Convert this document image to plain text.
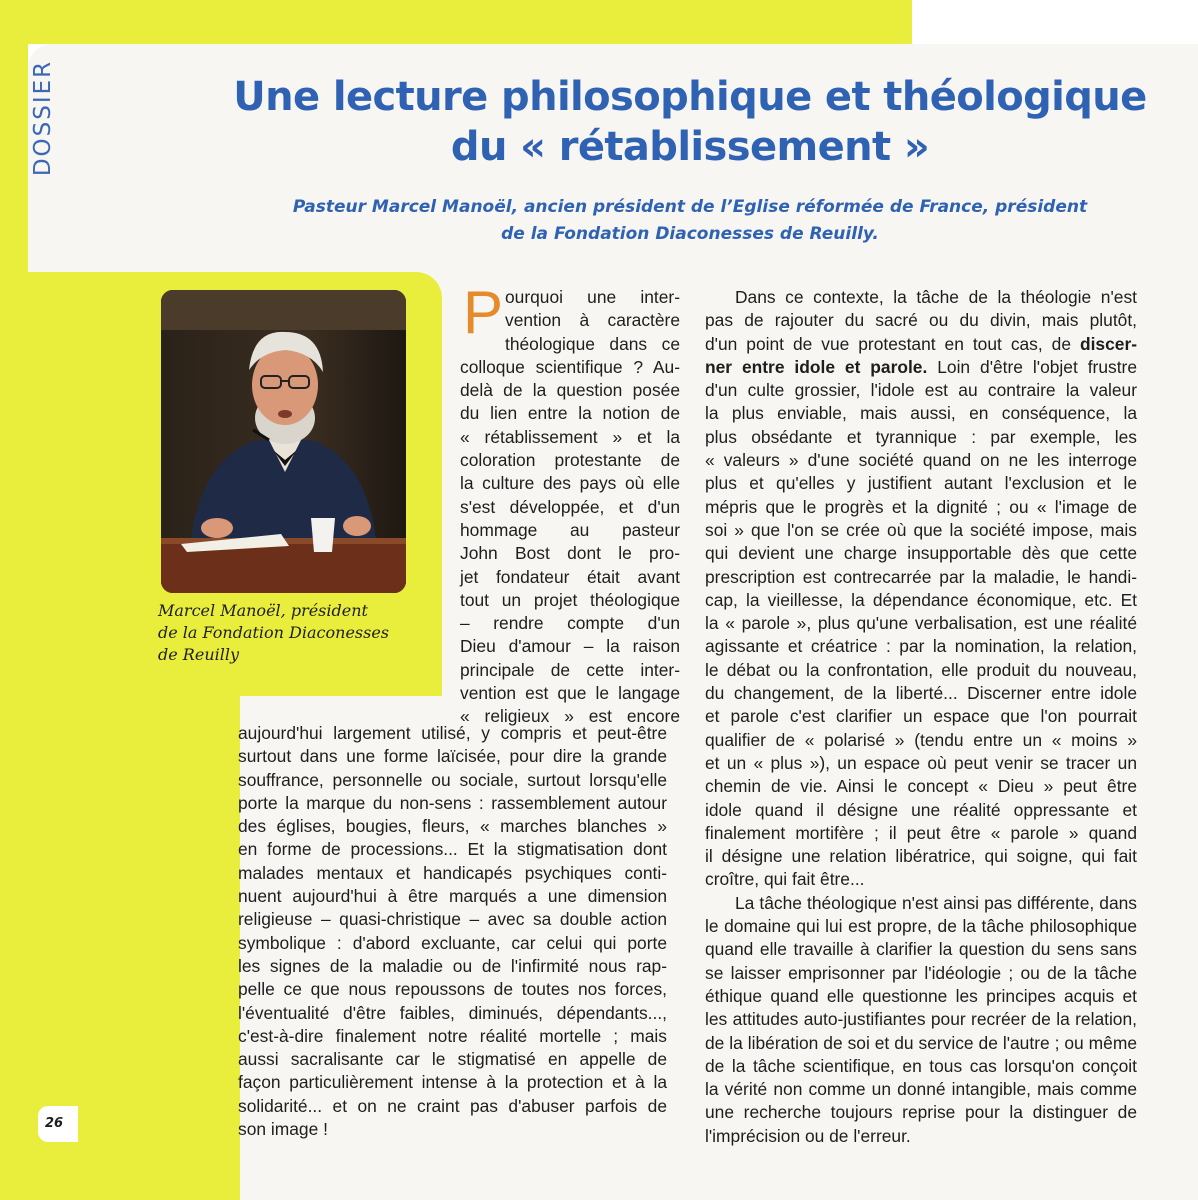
DOSSIER	Une lecture philosophique et théologique
du « rétablissement »

Pasteur Marcel Manoël, ancien président de l’Eglise réformée de France, président
de la Fondation Diaconesses de Reuilly.

Marcel Manoël, président
de la Fondation Diaconesses
de Reuilly
P ourquoi une inter-
vention à caractère
théologique dans ce
colloque scientifique ? Au-
delà de la question posée
du lien entre la notion de
« rétablissement » et la
coloration protestante de
la culture des pays où elle
s'est développée, et d'un
hommage au pasteur
John Bost dont le pro-
jet fondateur était avant
tout un projet théologique
– rendre compte d'un
Dieu d'amour – la raison
principale de cette inter-
vention est que le langage
« religieux » est encore
aujourd'hui largement utilisé, y compris et peut-être
surtout dans une forme laïcisée, pour dire la grande
souffrance, personnelle ou sociale, surtout lorsqu'elle
porte la marque du non-sens : rassemblement autour
des églises, bougies, fleurs, « marches blanches »
en forme de processions... Et la stigmatisation dont
malades mentaux et handicapés psychiques conti-
nuent aujourd'hui à être marqués a une dimension
religieuse – quasi-christique – avec sa double action
symbolique : d'abord excluante, car celui qui porte
les signes de la maladie ou de l'infirmité nous rap-
pelle ce que nous repoussons de toutes nos forces,
l'éventualité d'être faibles, diminués, dépendants...,
c'est-à-dire finalement notre réalité mortelle ; mais
aussi sacralisante car le stigmatisé en appelle de
façon particulièrement intense à la protection et à la
solidarité... et on ne craint pas d'abuser parfois de
son image !
Dans ce contexte, la tâche de la théologie n'est
pas de rajouter du sacré ou du divin, mais plutôt,
d'un point de vue protestant en tout cas, de discer-
ner entre idole et parole. Loin d'être l'objet frustre
d'un culte grossier, l'idole est au contraire la valeur
la plus enviable, mais aussi, en conséquence, la
plus obsédante et tyrannique : par exemple, les
« valeurs » d'une société quand on ne les interroge
plus et qu'elles y justifient autant l'exclusion et le
mépris que le progrès et la dignité ; ou « l'image de
soi » que l'on se crée où que la société impose, mais
qui devient une charge insupportable dès que cette
prescription est contrecarrée par la maladie, le handi-
cap, la vieillesse, la dépendance économique, etc. Et
la « parole », plus qu'une verbalisation, est une réalité
agissante et créatrice : par la nomination, la relation,
le débat ou la confrontation, elle produit du nouveau,
du changement, de la liberté... Discerner entre idole
et parole c'est clarifier un espace que l'on pourrait
qualifier de « polarisé » (tendu entre un « moins »
et un « plus »), un espace où peut venir se tracer un
chemin de vie. Ainsi le concept « Dieu » peut être
idole quand il désigne une réalité oppressante et
finalement mortifère ; il peut être « parole » quand
il désigne une relation libératrice, qui soigne, qui fait
croître, qui fait être...
La tâche théologique n'est ainsi pas différente, dans
le domaine qui lui est propre, de la tâche philosophique
quand elle travaille à clarifier la question du sens sans
se laisser emprisonner par l'idéologie ; ou de la tâche
éthique quand elle questionne les principes acquis et
les attitudes auto-justifiantes pour recréer de la relation,
de la libération de soi et du service de l'autre ; ou même
de la tâche scientifique, en tous cas lorsqu'on conçoit
la vérité non comme un donné intangible, mais comme
une recherche toujours reprise pour la distinguer de
l'imprécision ou de l'erreur.
26
